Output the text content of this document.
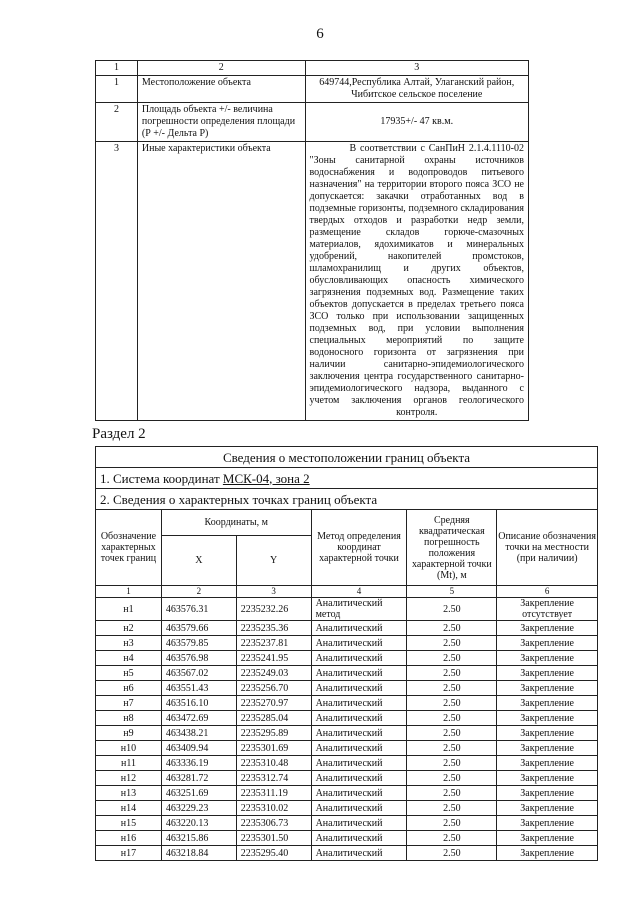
6
1	2	3
1	Местоположение объекта	649744,Республика Алтай, Улаганский район, Чибитское сельское поселение
2	Площадь объекта +/- величина погрешности определения площади (Р +/- Дельта Р)	17935+/- 47 кв.м.
3	Иные характеристики объекта	В соответствии с СанПиН 2.1.4.1110-02 "Зоны санитарной охраны источников водоснабжения и водопроводов питьевого назначения" на территории второго пояса ЗСО не допускается: закачки отработанных вод в подземные горизонты, подземного складирования твердых отходов и разработки недр земли, размещение складов горюче-смазочных материалов, ядохимикатов и минеральных удобрений, накопителей промстоков, шламохранилищ и других объектов, обусловливающих опасность химического загрязнения подземных вод. Размещение таких объектов допускается в пределах третьего пояса ЗСО только при использовании защищенных подземных вод, при условии выполнения специальных мероприятий по защите водоносного горизонта от загрязнения при наличии санитарно-эпидемиологического заключения центра государственного санитарно-эпидемиологического надзора, выданного с учетом заключения органов геологического контроля.
Раздел 2
Сведения о местоположении границ объекта					
1. Система координат МСК-04, зона 2					
2. Сведения о характерных точках границ объекта					
Обозначение характерных точек границ	Координаты, м		Метод определения координат характерной точки	Средняя квадратическая погрешность положения характерной точки (Mt), м	Описание обозначения точки на местности (при наличии)
	X	Y			
1	2	3	4	5	6
н1	463576.31	2235232.26	Аналитический метод	2.50	Закрепление отсутствует
н2	463579.66	2235235.36	Аналитический	2.50	Закрепление
н3	463579.85	2235237.81	Аналитический	2.50	Закрепление
н4	463576.98	2235241.95	Аналитический	2.50	Закрепление
н5	463567.02	2235249.03	Аналитический	2.50	Закрепление
н6	463551.43	2235256.70	Аналитический	2.50	Закрепление
н7	463516.10	2235270.97	Аналитический	2.50	Закрепление
н8	463472.69	2235285.04	Аналитический	2.50	Закрепление
н9	463438.21	2235295.89	Аналитический	2.50	Закрепление
н10	463409.94	2235301.69	Аналитический	2.50	Закрепление
н11	463336.19	2235310.48	Аналитический	2.50	Закрепление
н12	463281.72	2235312.74	Аналитический	2.50	Закрепление
н13	463251.69	2235311.19	Аналитический	2.50	Закрепление
н14	463229.23	2235310.02	Аналитический	2.50	Закрепление
н15	463220.13	2235306.73	Аналитический	2.50	Закрепление
н16	463215.86	2235301.50	Аналитический	2.50	Закрепление
н17	463218.84	2235295.40	Аналитический	2.50	Закрепление
